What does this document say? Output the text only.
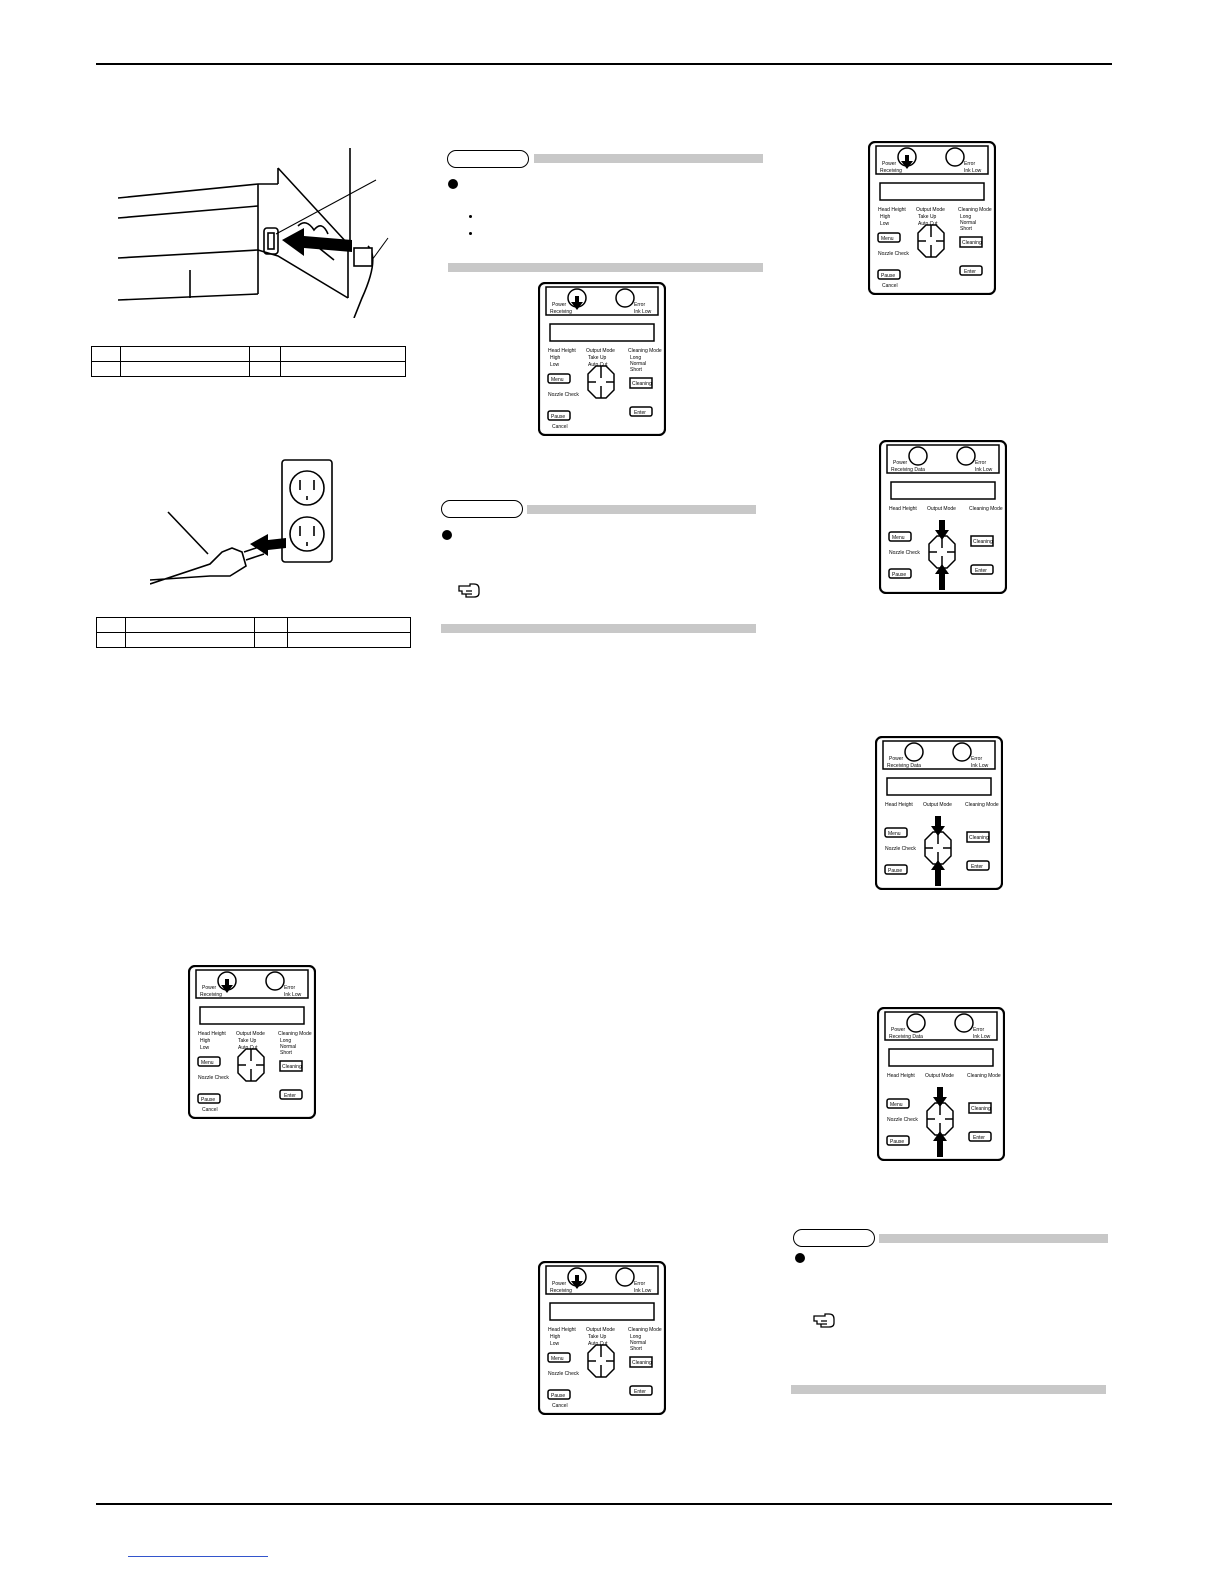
Power
Receiving
Error
Ink Low
Head Height
High
Low
Output Mode
Take Up
Auto Cut
Cleaning Mode
Long
Normal
Short
Menu
Nozzle Check
Pause
Cancel
Cleaning
Enter
Power
Receiving
Error
Ink Low
Head Height
High
Low
Output Mode
Take Up
Auto Cut
Cleaning Mode
Long
Normal
Short
Menu
Nozzle Check
Pause
Cancel
Cleaning
Enter
Power
Receiving
Error
Ink Low
Head Height
High
Low
Output Mode
Take Up
Auto Cut
Cleaning Mode
Long
Normal
Short
Menu
Nozzle Check
Pause
Cancel
Cleaning
Enter
Power
Receiving
Error
Ink Low
Head Height
High
Low
Output Mode
Take Up
Auto Cut
Cleaning Mode
Long
Normal
Short
Menu
Nozzle Check
Pause
Cancel
Cleaning
Enter
Power
Receiving Data
Error
Ink Low
Head Height Output Mode	Cleaning Mode
Menu
Nozzle Check
Pause
Cleaning
Enter
Power
Receiving Data
Error
Ink Low
Head Height Output Mode	Cleaning Mode
Menu
Nozzle Check
Pause
Cleaning
Enter
Power
Receiving Data
Error
Ink Low
Head Height Output Mode	Cleaning Mode
Menu
Nozzle Check
Pause
Cleaning
Enter
